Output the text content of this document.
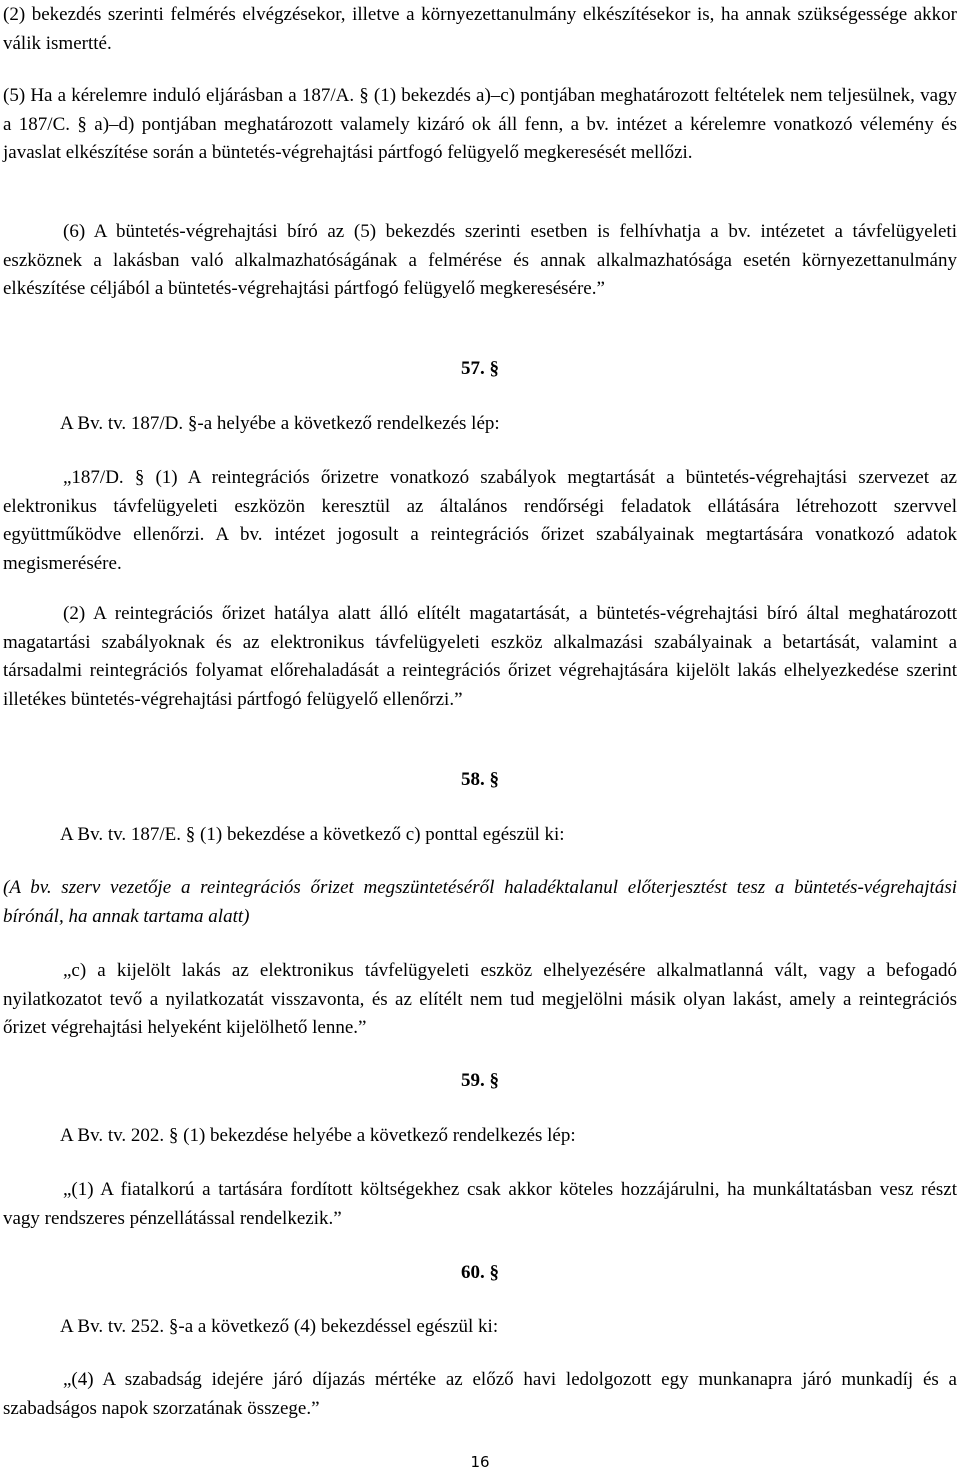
(2) bekezdés szerinti felmérés elvégzésekor, illetve a környezettanulmány elkészítésekor is, ha annak szükségessége akkor válik ismertté.

(5) Ha a kérelemre induló eljárásban a 187/A. § (1) bekezdés a)–c) pontjában meghatározott feltételek nem teljesülnek, vagy a 187/C. § a)–d) pontjában meghatározott valamely kizáró ok áll fenn, a bv. intézet a kérelemre vonatkozó vélemény és javaslat elkészítése során a büntetés-végrehajtási pártfogó felügyelő megkeresését mellőzi.

(6) A büntetés-végrehajtási bíró az (5) bekezdés szerinti esetben is felhívhatja a bv. intézetet a távfelügyeleti eszköznek a lakásban való alkalmazhatóságának a felmérése és annak alkalmazhatósága esetén környezettanulmány elkészítése céljából a büntetés-végrehajtási pártfogó felügyelő megkeresésére.”

57. §

A Bv. tv. 187/D. §-a helyébe a következő rendelkezés lép:

„187/D. § (1) A reintegrációs őrizetre vonatkozó szabályok megtartását a büntetés-végrehajtási szervezet az elektronikus távfelügyeleti eszközön keresztül az általános rendőrségi feladatok ellátására létrehozott szervvel együttműködve ellenőrzi. A bv. intézet jogosult a reintegrációs őrizet szabályainak megtartására vonatkozó adatok megismerésére.

(2) A reintegrációs őrizet hatálya alatt álló elítélt magatartását, a büntetés-végrehajtási bíró által meghatározott magatartási szabályoknak és az elektronikus távfelügyeleti eszköz alkalmazási szabályainak a betartását, valamint a társadalmi reintegrációs folyamat előrehaladását a reintegrációs őrizet végrehajtására kijelölt lakás elhelyezkedése szerint illetékes büntetés-végrehajtási pártfogó felügyelő ellenőrzi.”

58. §

A Bv. tv. 187/E. § (1) bekezdése a következő c) ponttal egészül ki:

(A bv. szerv vezetője a reintegrációs őrizet megszüntetéséről haladéktalanul előterjesztést tesz a büntetés-végrehajtási bírónál, ha annak tartama alatt)

„c) a kijelölt lakás az elektronikus távfelügyeleti eszköz elhelyezésére alkalmatlanná vált, vagy a befogadó nyilatkozatot tevő a nyilatkozatát visszavonta, és az elítélt nem tud megjelölni másik olyan lakást, amely a reintegrációs őrizet végrehajtási helyeként kijelölhető lenne.”

59. §

A Bv. tv. 202. § (1) bekezdése helyébe a következő rendelkezés lép:

„(1) A fiatalkorú a tartására fordított költségekhez csak akkor köteles hozzájárulni, ha munkáltatásban vesz részt vagy rendszeres pénzellátással rendelkezik.”

60. §

A Bv. tv. 252. §-a a következő (4) bekezdéssel egészül ki:

„(4) A szabadság idejére járó díjazás mértéke az előző havi ledolgozott egy munkanapra járó munkadíj és a szabadságos napok szorzatának összege.”

16
